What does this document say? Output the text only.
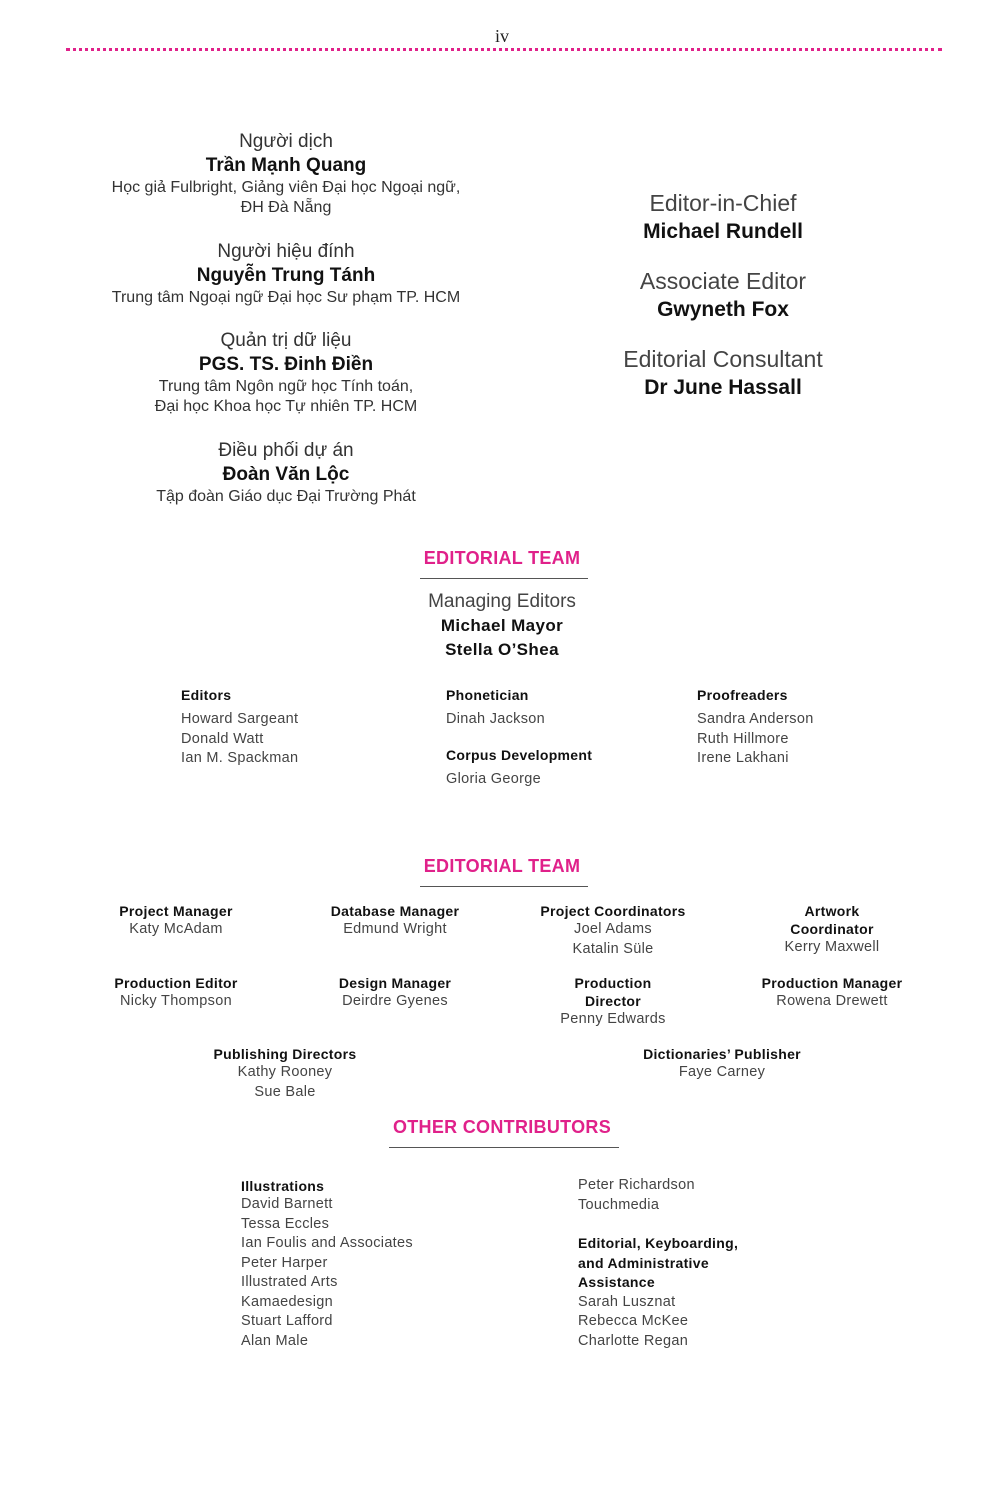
iv
Người dịch
Trần Mạnh Quang
Học giả Fulbright, Giảng viên Đại học Ngoại ngữ,
ĐH Đà Nẵng
Người hiệu đính
Nguyễn Trung Tánh
Trung tâm Ngoại ngữ Đại học Sư phạm TP. HCM
Quản trị dữ liệu
PGS. TS. Đinh Điền
Trung tâm Ngôn ngữ học Tính toán,
Đại học Khoa học Tự nhiên TP. HCM
Điều phối dự án
Đoàn Văn Lộc
Tập đoàn Giáo dục Đại Trường Phát
Editor-in-Chief
Michael Rundell
Associate Editor
Gwyneth Fox
Editorial Consultant
Dr June Hassall
EDITORIAL TEAM
Managing Editors
Michael Mayor
Stella O’Shea
Editors
Howard Sargeant
Donald Watt
Ian M. Spackman
Phonetician
Dinah Jackson
Corpus Development
Gloria George
Proofreaders
Sandra Anderson
Ruth Hillmore
Irene Lakhani
EDITORIAL TEAM
Project Manager
Katy McAdam
Database Manager
Edmund Wright
Project Coordinators
Joel Adams
Katalin Süle
Artwork
Coordinator
Kerry Maxwell
Production Editor
Nicky Thompson
Design Manager
Deirdre Gyenes
Production
Director
Penny Edwards
Production Manager
Rowena Drewett
Publishing Directors
Kathy Rooney
Sue Bale
Dictionaries’ Publisher
Faye Carney
OTHER CONTRIBUTORS
Illustrations
David Barnett
Tessa Eccles
Ian Foulis and Associates
Peter Harper
Illustrated Arts
Kamaedesign
Stuart Lafford
Alan Male
Peter Richardson
Touchmedia
Editorial, Keyboarding,
and Administrative
Assistance
Sarah Lusznat
Rebecca McKee
Charlotte Regan
